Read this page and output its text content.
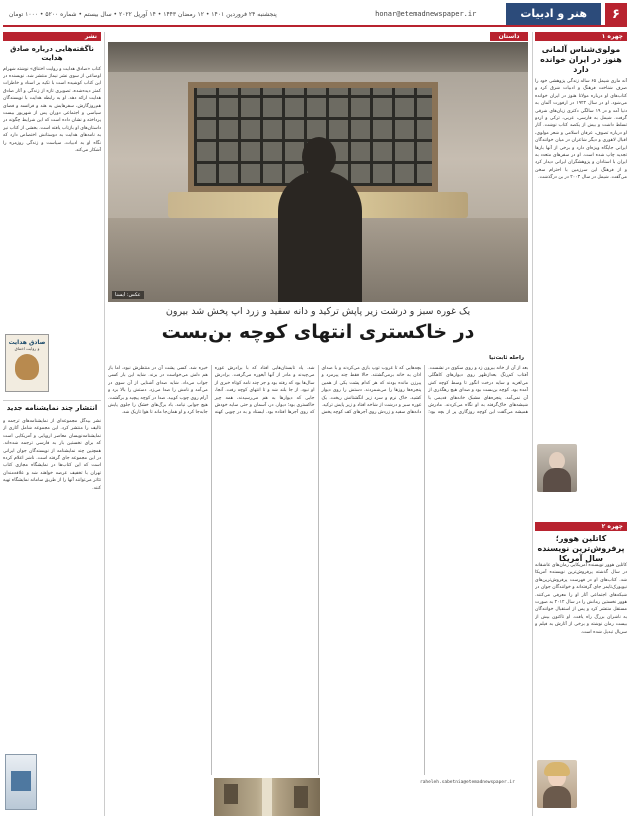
۶
هنر و ادبیات
honar@etemadnewspaper.ir
پنجشنبه ۲۴ فروردین ۱۴۰۱ • ۱۲ رمضان ۱۴۴۳ • ۱۴ آوریل ۲۰۲۲ • سال بیستم • شماره ۵۲۰۰ • ۱۰۰۰ تومان
چهره ۱
مولوی‌شناس آلمانی هنوز در ایران خوانده دارد
آنه ماری شیمل ۶۵ ساله زندگی پژوهشی خود را صرف شناخت فرهنگ و ادبیات شرق کرد و کتاب‌های او درباره مولانا هنوز در ایران خوانده می‌شود. او در سال ۱۹۲۲ در ارفورت آلمان به دنیا آمد و در ۱۹ سالگی دکتری زبان‌های شرقی گرفت. شیمل به فارسی، عربی، ترکی و اردو تسلط داشت و بیش از یکصد کتاب نوشت. آثار او درباره تصوف، عرفان اسلامی و شعر مولوی، اقبال لاهوری و دیگر شاعران در میان خوانندگان ایرانی جایگاه ویژه‌ای دارد و برخی از آنها بارها تجدید چاپ شده است. او در سفرهای متعدد به ایران با استادان و پژوهشگران ایرانی دیدار کرد و از فرهنگ این سرزمین با احترام سخن می‌گفت. شیمل در سال ۲۰۰۳ در بن درگذشت.
چهره ۲
کاتلین هوور؛ پرفروش‌ترین نویسنده سال آمریکا
کاتلین هوور نویسنده آمریکایی رمان‌های عاشقانه در سال گذشته پرفروش‌ترین نویسنده آمریکا شد. کتاب‌های او در فهرست پرفروش‌ترین‌های نیویورک‌تایمز جای گرفته‌اند و خوانندگان جوان در شبکه‌های اجتماعی آثار او را معرفی می‌کنند. هوور نخستین رمانش را در سال ۲۰۱۲ به صورت مستقل منتشر کرد و پس از استقبال خوانندگان به ناشران بزرگ راه یافت. او تاکنون بیش از بیست رمان نوشته و برخی از آثارش به فیلم و سریال تبدیل شده است.
داستان
عکس: ایسنا
یک غوره سبز و درشت زیر پاپش ترکید و دانه سفید و زرد اپ پخش شد بیرون
در خاکستری انتهای کوچه بن‌بست
راحله ثابت‌نیا
بعد از آن از خانه بیرون زد و روی سکوی در نشست. آفتاب کم‌رنگ بعدازظهر روی دیوارهای کاهگلی می‌لغزید و سایه درخت انگور تا وسط کوچه کش آمده بود. کوچه بن‌بست بود و صدای هیچ رهگذری از آن نمی‌آمد. پنجره‌های مشبک خانه‌های قدیمی با شیشه‌های خاک‌گرفته به او نگاه می‌کردند. مادرش همیشه می‌گفت این کوچه روزگاری پر از بچه بود؛ بچه‌هایی که تا غروب توپ بازی می‌کردند و با صدای اذان به خانه برمی‌گشتند. حالا فقط چند پیرمرد و پیرزن مانده بودند که هر کدام پشت یکی از همین پنجره‌ها روزها را می‌شمردند. دستش را روی دیوار کشید. خاک نرم و سرد زیر انگشتانش ریخت. یک غوره سبز و درشت از شاخه افتاد و زیر پایش ترکید. دانه‌های سفید و زردش روی آجرهای کف کوچه پخش شد. یاد تابستان‌هایی افتاد که با برادرش غوره می‌چیدند و مادر از آنها آبغوره می‌گرفت. برادرش سال‌ها بود که رفته بود و جز چند نامه کوتاه خبری از او نبود. از جا بلند شد و تا انتهای کوچه رفت. آنجا، جایی که دیوارها به هم می‌رسیدند، همه چیز خاکستری بود؛ دیوار، در، آسمان و حتی سایه خودش که روی آجرها افتاده بود. ایستاد و به در چوبی کهنه خیره شد. کسی پشت آن در منتظرش نبود، اما باز هم دلش می‌خواست در بزند. شاید این بار کسی جواب می‌داد. شاید صدای آشنایی از آن سوی در می‌آمد و نامش را صدا می‌زد. دستش را بالا برد و آرام روی چوب کوبید. صدا در کوچه پیچید و برگشت. هیچ جوابی نیامد. باد برگ‌های خشک را جلوی پایش جابه‌جا کرد و او همان‌جا ماند تا هوا تاریک شد.
raheleh.sabetnia@etemadnewspaper.ir
نشر
ناگفته‌هایی درباره صادق هدایت
کتاب «صادق هدایت و روایت اختناق» نوشته شهرام اوضاعی از سوی نشر نیماژ منتشر شد. نویسنده در این کتاب کوشیده است با تکیه بر اسناد و خاطرات کمتر دیده‌شده، تصویری تازه از زندگی و آثار صادق هدایت ارائه دهد. او به رابطه هدایت با نویسندگان هم‌روزگارش، سفرهایش به هند و فرانسه و فضای سیاسی و اجتماعی دوران پس از شهریور بیست پرداخته و نشان داده است که این شرایط چگونه در داستان‌های او بازتاب یافته است. بخشی از کتاب نیز به نامه‌های هدایت به دوستانش اختصاص دارد که نگاه او به ادبیات، سیاست و زندگی روزمره را آشکار می‌کند.
صادق هدایت
و روایت اختناق
انتشار چند نمایشنامه جدید
نشر بیدگل مجموعه‌ای از نمایشنامه‌های ترجمه و تالیف را منتشر کرد. این مجموعه شامل آثاری از نمایشنامه‌نویسان معاصر اروپایی و آمریکایی است که برای نخستین بار به فارسی ترجمه شده‌اند. همچنین چند نمایشنامه از نویسندگان جوان ایرانی در این مجموعه جای گرفته است. ناشر اعلام کرده است که این کتاب‌ها در نمایشگاه مجازی کتاب تهران با تخفیف عرضه خواهند شد و علاقه‌مندان تئاتر می‌توانند آنها را از طریق سامانه نمایشگاه تهیه کنند.
